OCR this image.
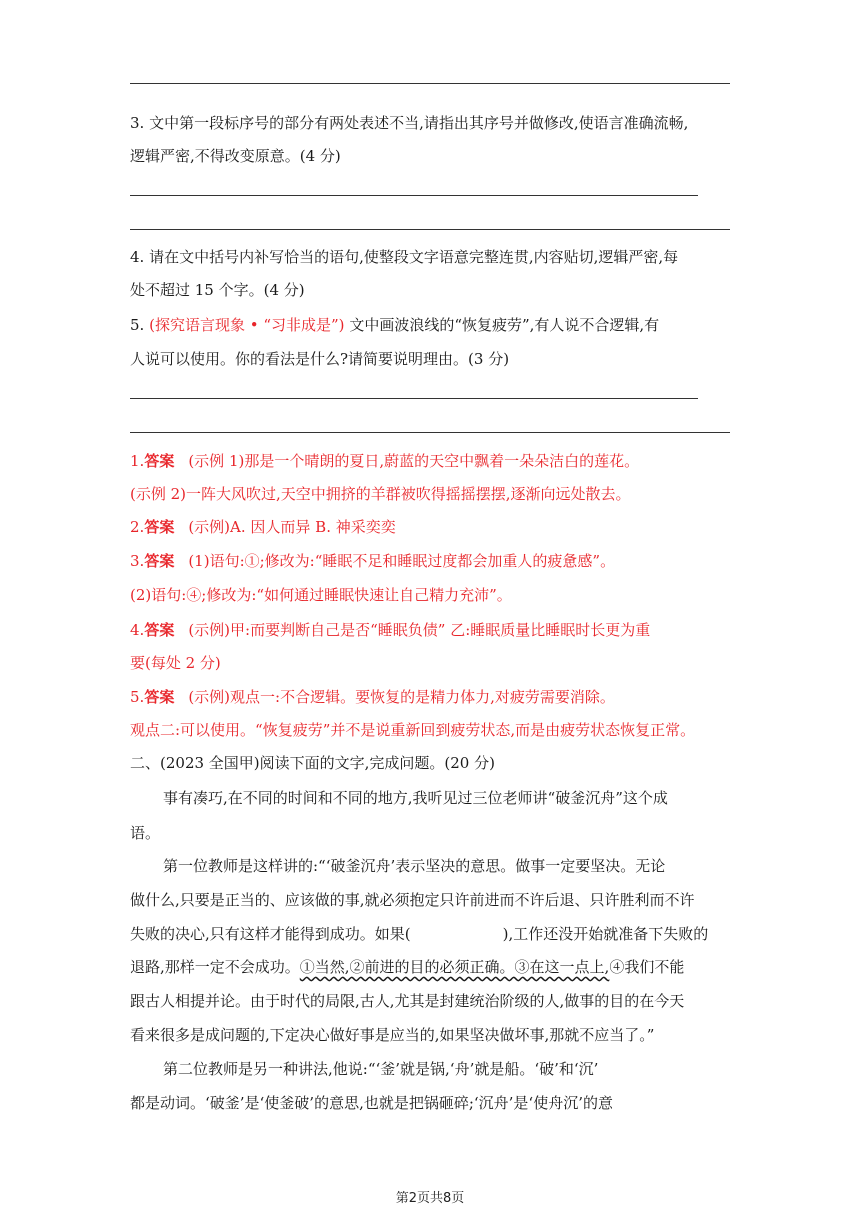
3. 文中第一段标序号的部分有两处表述不当,请指出其序号并做修改,使语言准确流畅,
逻辑严密,不得改变原意。(4 分)
4. 请在文中括号内补写恰当的语句,使整段文字语意完整连贯,内容贴切,逻辑严密,每
处不超过 15 个字。(4 分)
5. (探究语言现象 • “习非成是”) 文中画波浪线的“恢复疲劳”,有人说不合逻辑,有
人说可以使用。你的看法是什么?请简要说明理由。(3 分)
1.答案 (示例 1)那是一个晴朗的夏日,蔚蓝的天空中飘着一朵朵洁白的莲花。
(示例 2)一阵大风吹过,天空中拥挤的羊群被吹得摇摇摆摆,逐渐向远处散去。
2.答案 (示例)A. 因人而异 B. 神采奕奕
3.答案 (1)语句:①;修改为:“睡眠不足和睡眠过度都会加重人的疲惫感”。
(2)语句:④;修改为:“如何通过睡眠快速让自己精力充沛”。
4.答案 (示例)甲:而要判断自己是否“睡眠负债” 乙:睡眠质量比睡眠时长更为重
要(每处 2 分)
5.答案 (示例)观点一:不合逻辑。要恢复的是精力体力,对疲劳需要消除。
观点二:可以使用。“恢复疲劳”并不是说重新回到疲劳状态,而是由疲劳状态恢复正常。
二、(2023 全国甲)阅读下面的文字,完成问题。(20 分)
事有凑巧,在不同的时间和不同的地方,我听见过三位老师讲“破釜沉舟”这个成
语。
第一位教师是这样讲的:“‘破釜沉舟’表示坚决的意思。做事一定要坚决。无论
做什么,只要是正当的、应该做的事,就必须抱定只许前进而不许后退、只许胜利而不许
失败的决心,只有这样才能得到成功。如果(	),工作还没开始就准备下失败的
退路,那样一定不会成功。①当然,②前进的目的必须正确。③在这一点上,④我们不能
跟古人相提并论。由于时代的局限,古人,尤其是封建统治阶级的人,做事的目的在今天
看来很多是成问题的,下定决心做好事是应当的,如果坚决做坏事,那就不应当了。”
第二位教师是另一种讲法,他说:“‘釜’就是锅,‘舟’就是船。‘破’和‘沉’
都是动词。‘破釜’是‘使釜破’的意思,也就是把锅砸碎;‘沉舟’是‘使舟沉’的意
第2页共8页
